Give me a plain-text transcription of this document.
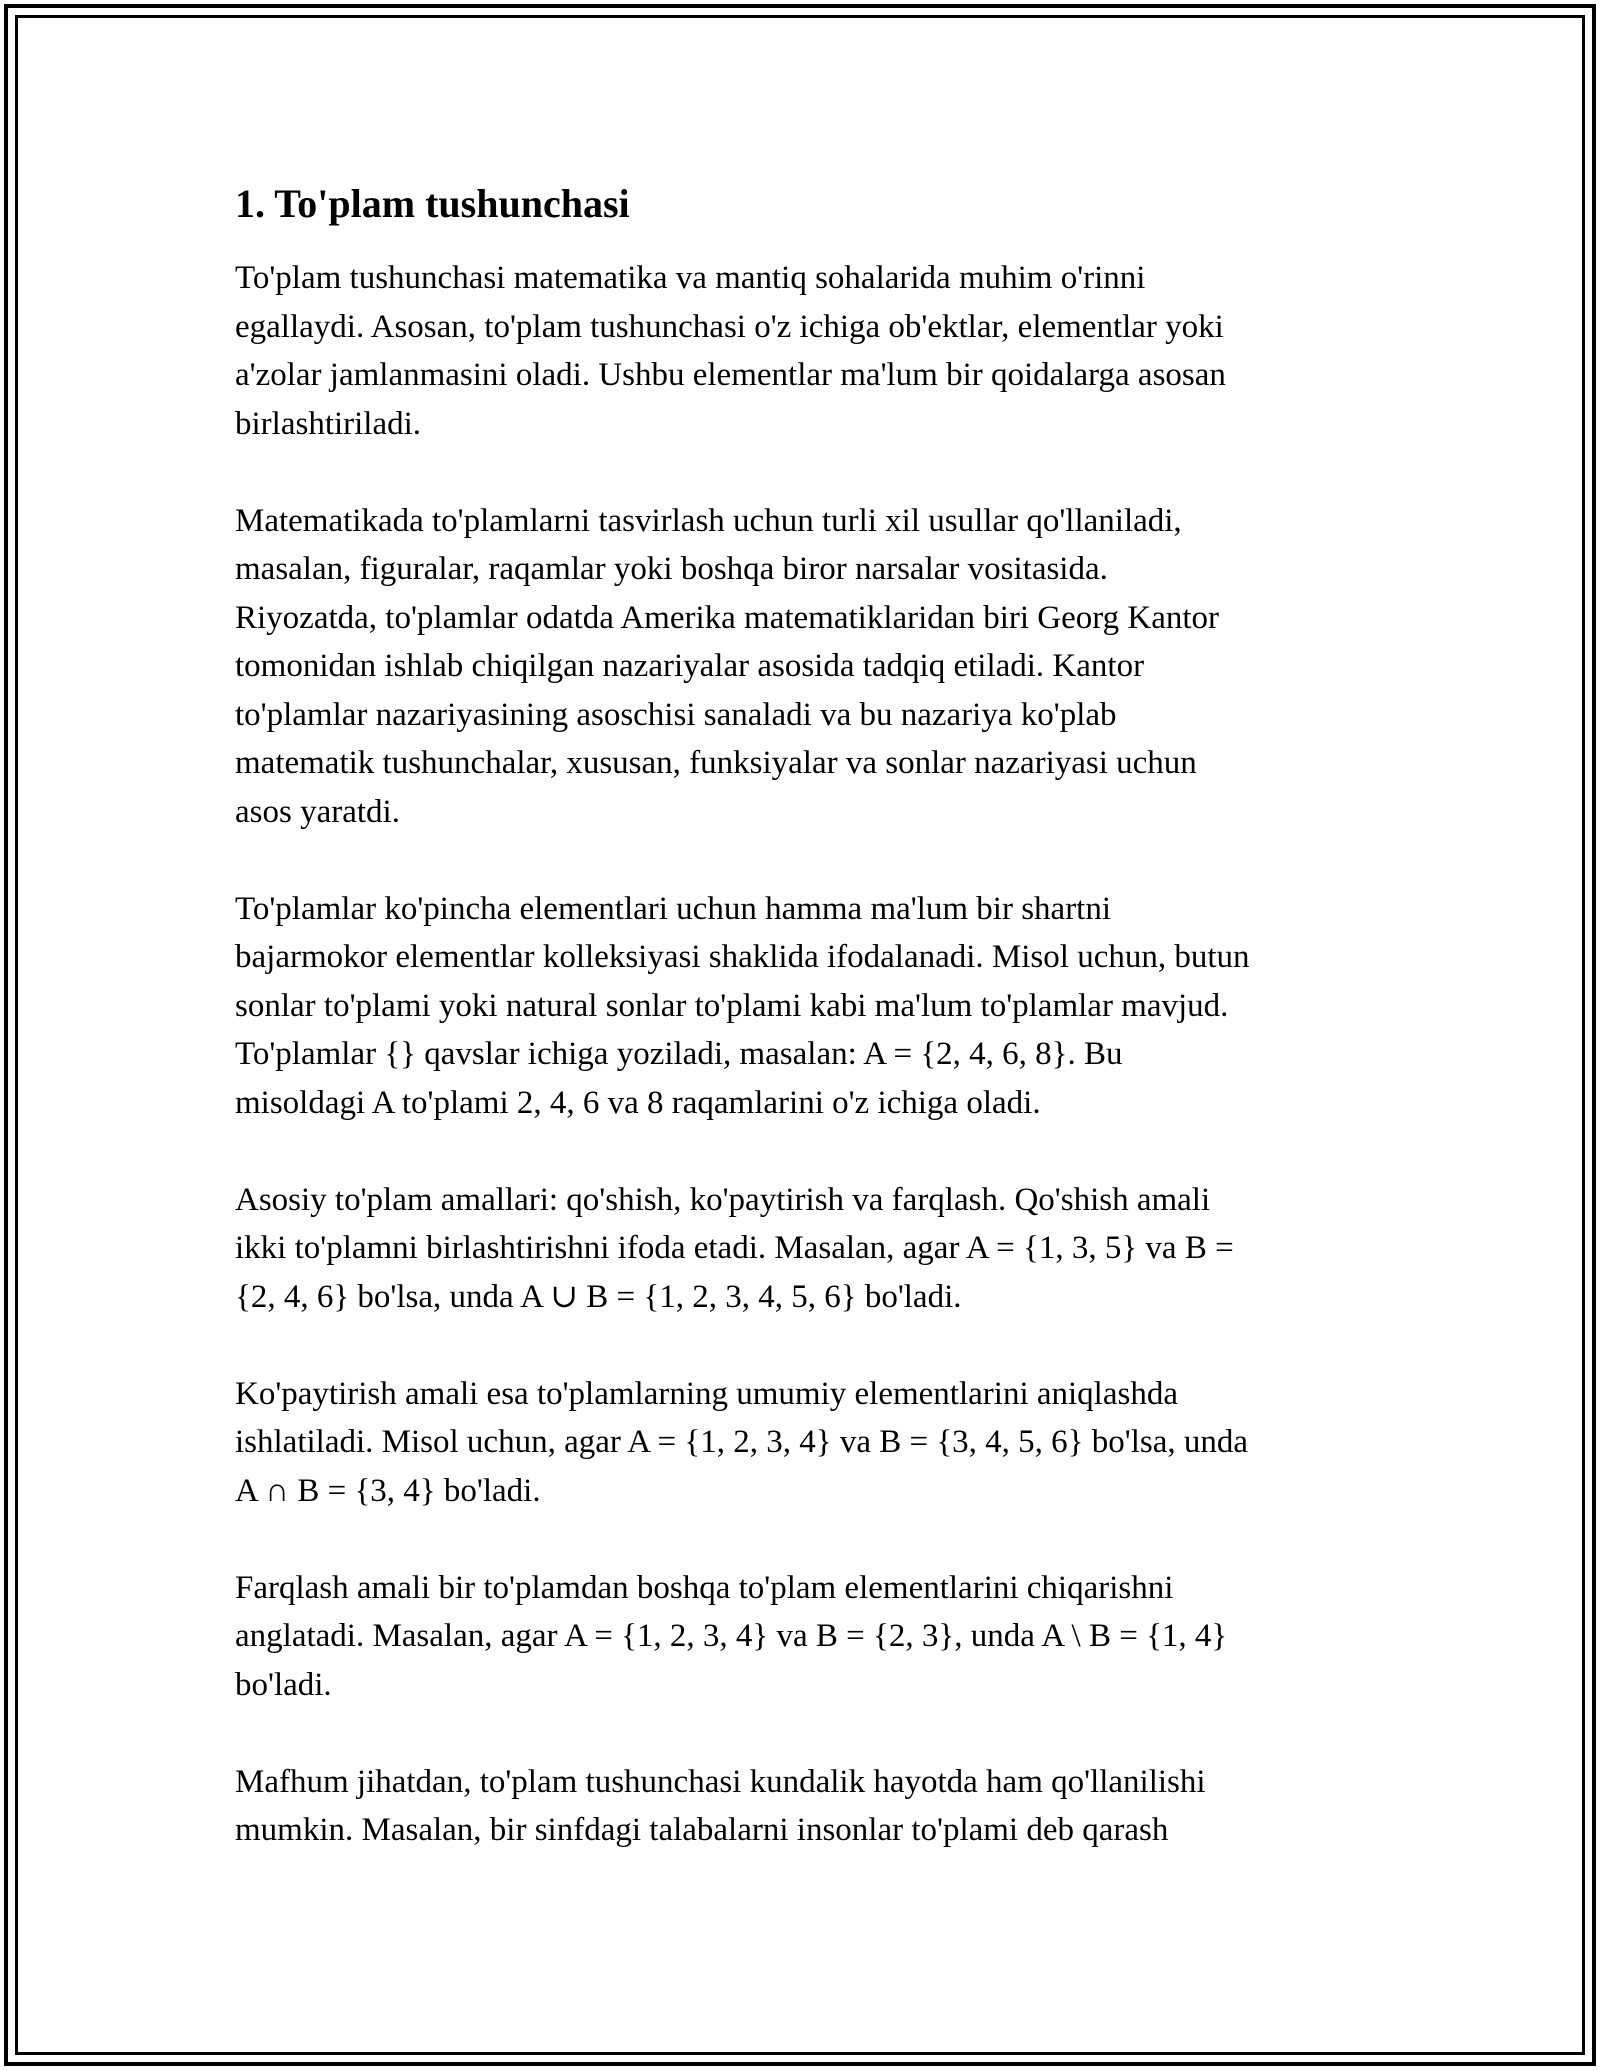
1. To'plam tushunchasi

To'plam tushunchasi matematika va mantiq sohalarida muhim o'rinni
egallaydi. Asosan, to'plam tushunchasi o'z ichiga ob'ektlar, elementlar yoki
a'zolar jamlanmasini oladi. Ushbu elementlar ma'lum bir qoidalarga asosan
birlashtiriladi.

Matematikada to'plamlarni tasvirlash uchun turli xil usullar qo'llaniladi,
masalan, figuralar, raqamlar yoki boshqa biror narsalar vositasida.
Riyozatda, to'plamlar odatda Amerika matematiklaridan biri Georg Kantor
tomonidan ishlab chiqilgan nazariyalar asosida tadqiq etiladi. Kantor
to'plamlar nazariyasining asoschisi sanaladi va bu nazariya ko'plab
matematik tushunchalar, xususan, funksiyalar va sonlar nazariyasi uchun
asos yaratdi.

To'plamlar ko'pincha elementlari uchun hamma ma'lum bir shartni
bajarmokor elementlar kolleksiyasi shaklida ifodalanadi. Misol uchun, butun
sonlar to'plami yoki natural sonlar to'plami kabi ma'lum to'plamlar mavjud.
To'plamlar {} qavslar ichiga yoziladi, masalan: A = {2, 4, 6, 8}. Bu
misoldagi A to'plami 2, 4, 6 va 8 raqamlarini o'z ichiga oladi.

Asosiy to'plam amallari: qo'shish, ko'paytirish va farqlash. Qo'shish amali
ikki to'plamni birlashtirishni ifoda etadi. Masalan, agar A = {1, 3, 5} va B =
{2, 4, 6} bo'lsa, unda A ∪ B = {1, 2, 3, 4, 5, 6} bo'ladi.

Ko'paytirish amali esa to'plamlarning umumiy elementlarini aniqlashda
ishlatiladi. Misol uchun, agar A = {1, 2, 3, 4} va B = {3, 4, 5, 6} bo'lsa, unda
A ∩ B = {3, 4} bo'ladi.

Farqlash amali bir to'plamdan boshqa to'plam elementlarini chiqarishni
anglatadi. Masalan, agar A = {1, 2, 3, 4} va B = {2, 3}, unda A \ B = {1, 4}
bo'ladi.

Mafhum jihatdan, to'plam tushunchasi kundalik hayotda ham qo'llanilishi
mumkin. Masalan, bir sinfdagi talabalarni insonlar to'plami deb qarash
